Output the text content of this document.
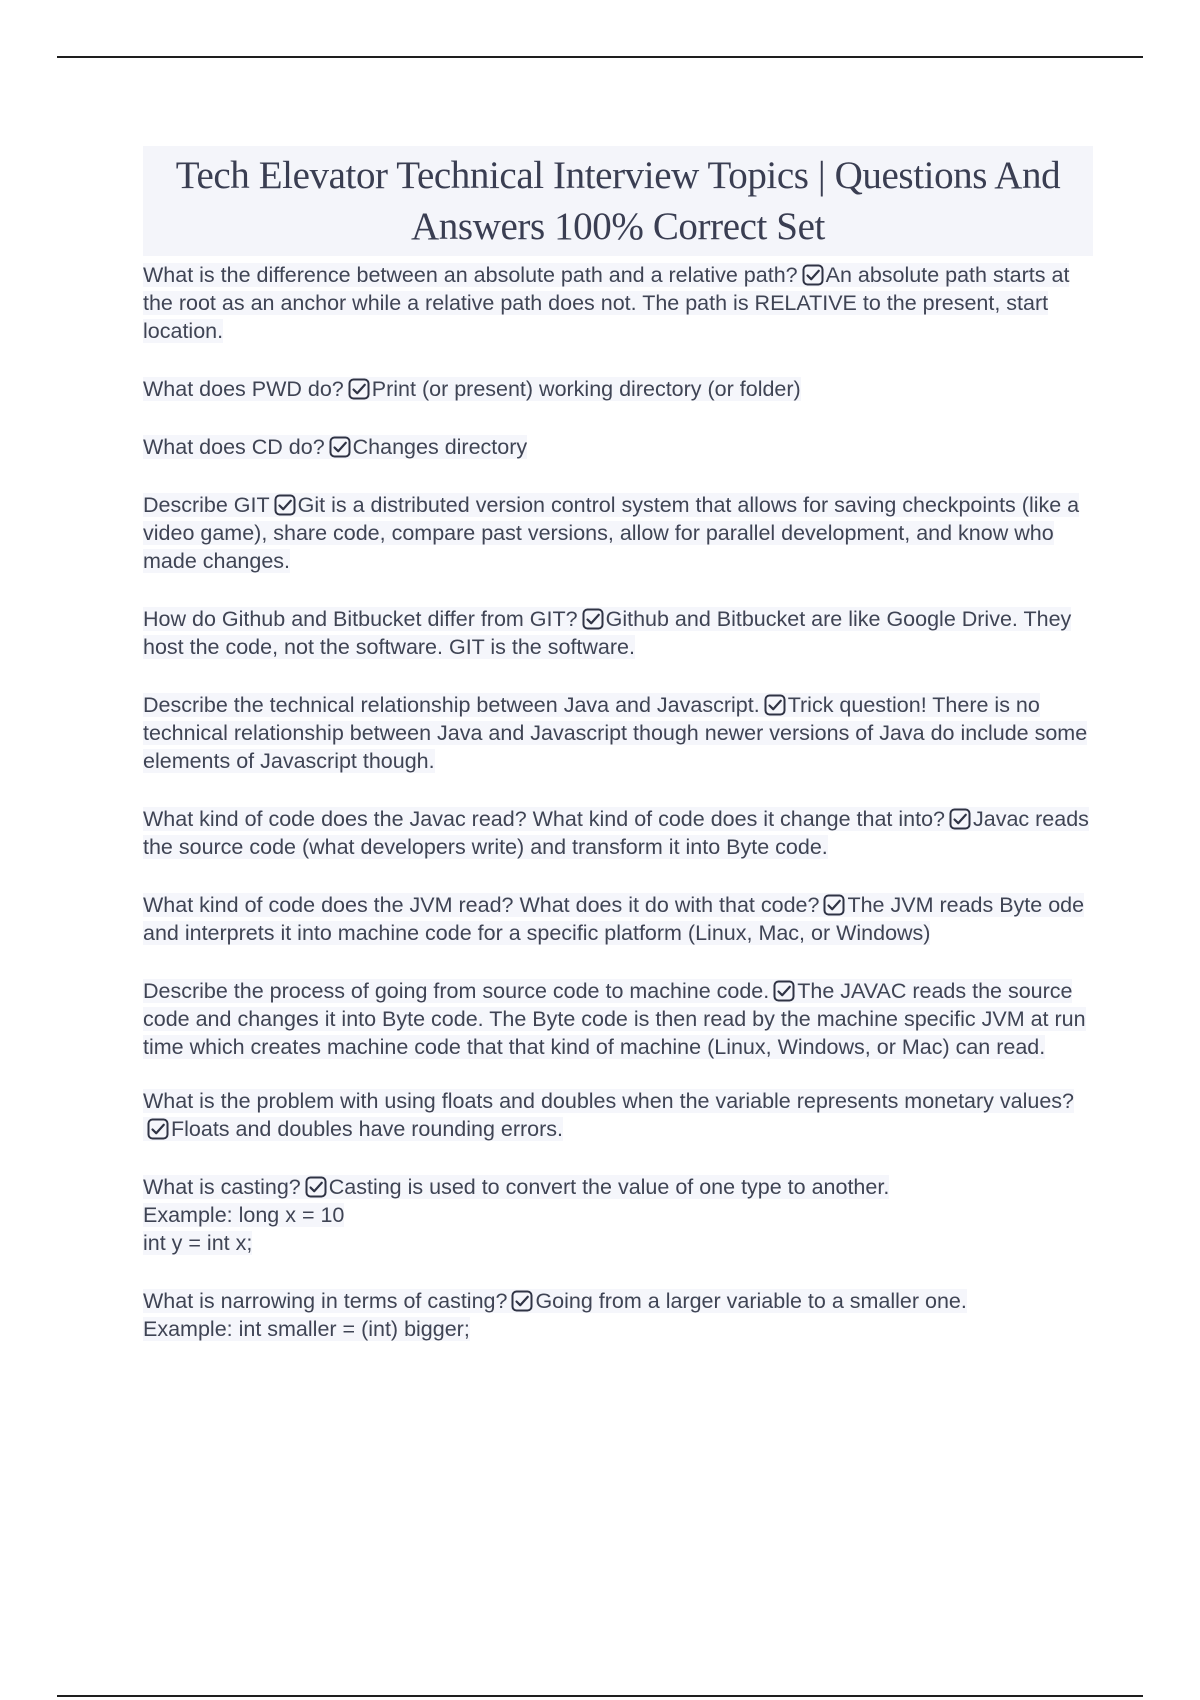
Tech Elevator Technical Interview Topics | Questions And Answers 100% Correct Set

What is the difference between an absolute path and a relative path? An absolute path starts at the root as an anchor while a relative path does not. The path is RELATIVE to the present, start location.

What does PWD do? Print (or present) working directory (or folder)

What does CD do? Changes directory

Describe GIT Git is a distributed version control system that allows for saving checkpoints (like a video game), share code, compare past versions, allow for parallel development, and know who made changes.

How do Github and Bitbucket differ from GIT? Github and Bitbucket are like Google Drive. They host the code, not the software. GIT is the software.

Describe the technical relationship between Java and Javascript. Trick question! There is no technical relationship between Java and Javascript though newer versions of Java do include some elements of Javascript though.

What kind of code does the Javac read? What kind of code does it change that into? Javac reads the source code (what developers write) and transform it into Byte code.

What kind of code does the JVM read? What does it do with that code? The JVM reads Byte ode and interprets it into machine code for a specific platform (Linux, Mac, or Windows)

Describe the process of going from source code to machine code. The JAVAC reads the source code and changes it into Byte code. The Byte code is then read by the machine specific JVM at run time which creates machine code that that kind of machine (Linux, Windows, or Mac) can read.

What is the problem with using floats and doubles when the variable represents monetary values?
Floats and doubles have rounding errors.

What is casting? Casting is used to convert the value of one type to another.
Example: long x = 10
int y = int x;

What is narrowing in terms of casting? Going from a larger variable to a smaller one.
Example: int smaller = (int) bigger;
